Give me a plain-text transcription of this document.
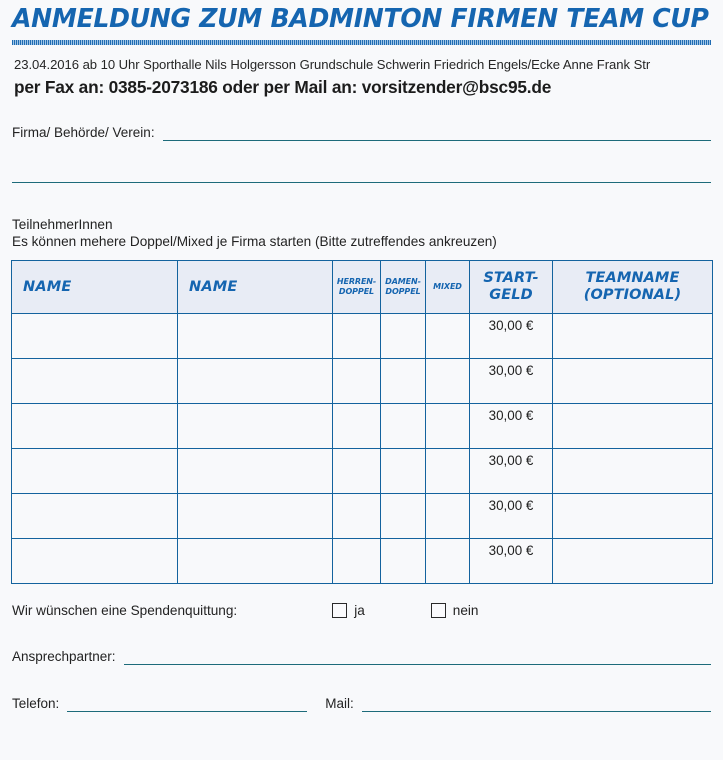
ANMELDUNG ZUM BADMINTON FIRMEN TEAM CUP
23.04.2016 ab 10 Uhr Sporthalle Nils Holgersson Grundschule Schwerin Friedrich Engels/Ecke Anne Frank Str
per Fax an: 0385-2073186 oder per Mail an: vorsitzender@bsc95.de
Firma/ Behörde/ Verein:
TeilnehmerInnen
Es können mehere Doppel/Mixed je Firma starten (Bitte zutreffendes ankreuzen)
NAME	NAME	HERREN-DOPPEL	DAMEN-DOPPEL	MIXED	START-GELD	TEAMNAME (OPTIONAL)
					30,00 €	
					30,00 €	
					30,00 €	
					30,00 €	
					30,00 €	
					30,00 €	
Wir wünschen eine Spendenquittung:	ja	nein
Ansprechpartner:
Telefon:	Mail:
